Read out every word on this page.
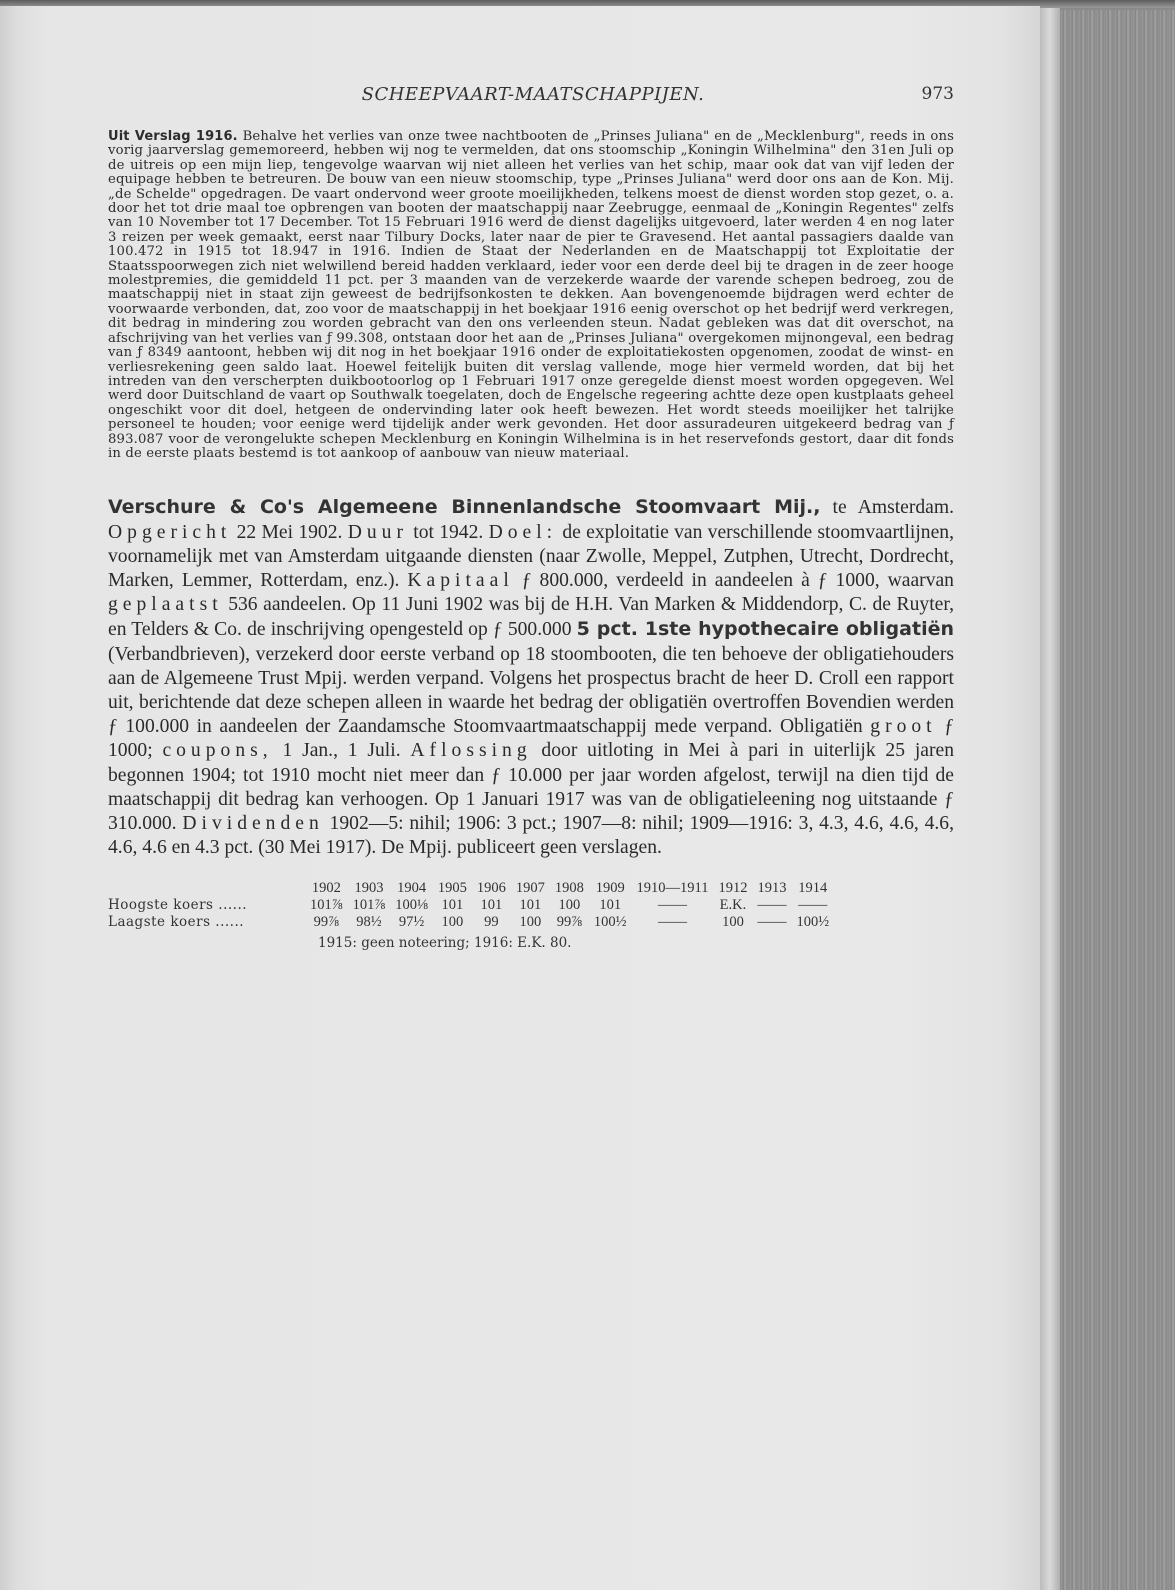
SCHEEPVAART-MAATSCHAPPIJEN.	973

Uit Verslag 1916. Behalve het verlies van onze twee nachtbooten de „Prinses Juliana" en de „Mecklenburg", reeds in ons vorig jaarverslag gememoreerd, hebben wij nog te vermelden, dat ons stoomschip „Koningin Wilhelmina" den 31en Juli op de uitreis op een mijn liep, tengevolge waarvan wij niet alleen het verlies van het schip, maar ook dat van vijf leden der equipage hebben te betreuren. De bouw van een nieuw stoomschip, type „Prinses Juliana" werd door ons aan de Kon. Mij. „de Schelde" opgedragen. De vaart ondervond weer groote moeilijkheden, telkens moest de dienst worden stop gezet, o. a. door het tot drie maal toe opbrengen van booten der maatschappij naar Zeebrugge, eenmaal de „Koningin Regentes" zelfs van 10 November tot 17 December. Tot 15 Februari 1916 werd de dienst dagelijks uitgevoerd, later werden 4 en nog later 3 reizen per week gemaakt, eerst naar Tilbury Docks, later naar de pier te Gravesend. Het aantal passagiers daalde van 100.472 in 1915 tot 18.947 in 1916. Indien de Staat der Nederlanden en de Maatschappij tot Exploitatie der Staatsspoorwegen zich niet welwillend bereid hadden verklaard, ieder voor een derde deel bij te dragen in de zeer hooge molestpremies, die gemiddeld 11 pct. per 3 maanden van de verzekerde waarde der varende schepen bedroeg, zou de maatschappij niet in staat zijn geweest de bedrijfsonkosten te dekken. Aan bovengenoemde bijdragen werd echter de voorwaarde verbonden, dat, zoo voor de maatschappij in het boekjaar 1916 eenig overschot op het bedrijf werd verkregen, dit bedrag in mindering zou worden gebracht van den ons verleenden steun. Nadat gebleken was dat dit overschot, na afschrijving van het verlies van ƒ 99.308, ontstaan door het aan de „Prinses Juliana" overgekomen mijnongeval, een bedrag van ƒ 8349 aantoont, hebben wij dit nog in het boekjaar 1916 onder de exploitatiekosten opgenomen, zoodat de winst- en verliesrekening geen saldo laat. Hoewel feitelijk buiten dit verslag vallende, moge hier vermeld worden, dat bij het intreden van den verscherpten duikbootoorlog op 1 Februari 1917 onze geregelde dienst moest worden opgegeven. Wel werd door Duitschland de vaart op Southwalk toegelaten, doch de Engelsche regeering achtte deze open kustplaats geheel ongeschikt voor dit doel, hetgeen de ondervinding later ook heeft bewezen. Het wordt steeds moeilijker het talrijke personeel te houden; voor eenige werd tijdelijk ander werk gevonden. Het door assuradeuren uitgekeerd bedrag van ƒ 893.087 voor de verongelukte schepen Mecklenburg en Koningin Wilhelmina is in het reservefonds gestort, daar dit fonds in de eerste plaats bestemd is tot aankoop of aanbouw van nieuw materiaal.

Verschure & Co's Algemeene Binnenlandsche Stoomvaart Mij., te Amsterdam. Opgericht 22 Mei 1902. Duur tot 1942. Doel: de exploitatie van verschillende stoomvaartlijnen, voornamelijk met van Amsterdam uitgaande diensten (naar Zwolle, Meppel, Zutphen, Utrecht, Dordrecht, Marken, Lemmer, Rotterdam, enz.). Kapitaal ƒ 800.000, verdeeld in aandeelen à ƒ 1000, waarvan geplaatst 536 aandeelen. Op 11 Juni 1902 was bij de H.H. Van Marken & Middendorp, C. de Ruyter, en Telders & Co. de inschrijving opengesteld op ƒ 500.000 5 pct. 1ste hypothecaire obligatiën (Verbandbrieven), verzekerd door eerste verband op 18 stoombooten, die ten behoeve der obligatiehouders aan de Algemeene Trust Mpij. werden verpand. Volgens het prospectus bracht de heer D. Croll een rapport uit, berichtende dat deze schepen alleen in waarde het bedrag der obligatiën overtroffen Bovendien werden ƒ 100.000 in aandeelen der Zaandamsche Stoomvaartmaatschappij mede verpand. Obligatiën groot ƒ 1000; coupons, 1 Jan., 1 Juli. Aflossing door uitloting in Mei à pari in uiterlijk 25 jaren begonnen 1904; tot 1910 mocht niet meer dan ƒ 10.000 per jaar worden afgelost, terwijl na dien tijd de maatschappij dit bedrag kan verhoogen. Op 1 Januari 1917 was van de obligatieleening nog uitstaande ƒ 310.000. Dividenden 1902—5: nihil; 1906: 3 pct.; 1907—8: nihil; 1909—1916: 3, 4.3, 4.6, 4.6, 4.6, 4.6, 4.6 en 4.3 pct. (30 Mei 1917). De Mpij. publiceert geen verslagen.

	1902	1903	1904	1905	1906	1907	1908	1909	1910—1911	1912	1913	1914
Hoogste koers ......	101⅞	101⅞	100⅛	101	101	101	100	101	——	E.K.	——	——
Laagste koers ......	99⅞	98½	97½	100	99	100	99⅞	100½	——	100	——	100½
1915: geen noteering; 1916: E.K. 80.
